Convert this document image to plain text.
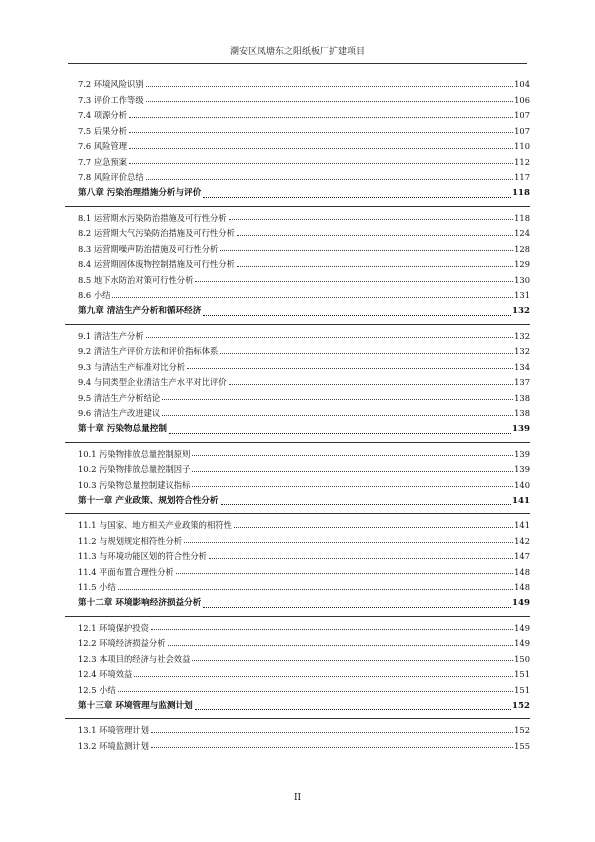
潮安区凤塘东之阳纸板厂扩建项目
7.2 环境风险识别	104
7.3 评价工作等级	106
7.4 项源分析	107
7.5 后果分析	107
7.6 风险管理	110
7.7 应急预案	112
7.8 风险评价总结	117
第八章 污染治理措施分析与评价	118
8.1 运营期水污染防治措施及可行性分析	118
8.2 运营期大气污染防治措施及可行性分析	124
8.3 运营期噪声防治措施及可行性分析	128
8.4 运营期固体废物控制措施及可行性分析	129
8.5 地下水防治对策可行性分析	130
8.6 小结	131
第九章 清洁生产分析和循环经济	132
9.1 清洁生产分析	132
9.2 清洁生产评价方法和评价指标体系	132
9.3 与清洁生产标准对比分析	134
9.4 与同类型企业清洁生产水平对比评价	137
9.5 清洁生产分析结论	138
9.6 清洁生产改进建议	138
第十章 污染物总量控制	139
10.1 污染物排放总量控制原则	139
10.2 污染物排放总量控制因子	139
10.3 污染物总量控制建议指标	140
第十一章 产业政策、规划符合性分析	141
11.1 与国家、地方相关产业政策的相符性	141
11.2 与规划规定相符性分析	142
11.3 与环境功能区划的符合性分析	147
11.4 平面布置合理性分析	148
11.5 小结	148
第十二章 环境影响经济损益分析	149
12.1 环境保护投资	149
12.2 环境经济损益分析	149
12.3 本项目的经济与社会效益	150
12.4 环境效益	151
12.5 小结	151
第十三章 环境管理与监测计划	152
13.1 环境管理计划	152
13.2 环境监测计划	155
II
